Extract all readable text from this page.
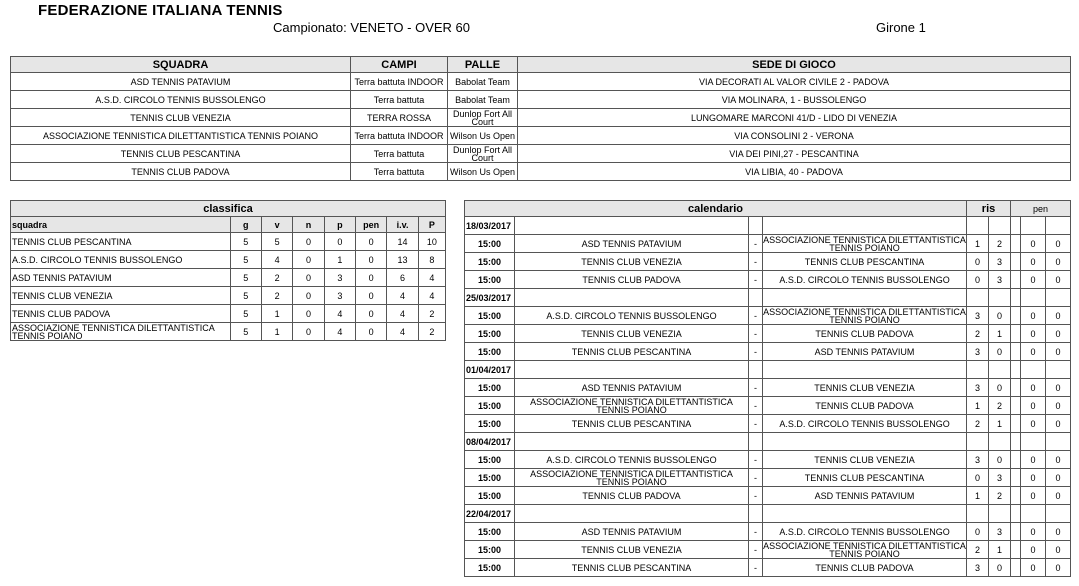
FEDERAZIONE ITALIANA TENNIS
Campionato: VENETO - OVER 60	Girone 1
SQUADRA	CAMPI	PALLE	SEDE DI GIOCO
ASD TENNIS PATAVIUM	Terra battuta INDOOR	Babolat Team	VIA DECORATI AL VALOR CIVILE 2 - PADOVA
A.S.D. CIRCOLO TENNIS BUSSOLENGO	Terra battuta	Babolat Team	VIA MOLINARA, 1 - BUSSOLENGO
TENNIS CLUB VENEZIA	TERRA ROSSA	Dunlop Fort All Court	LUNGOMARE MARCONI 41/D - LIDO DI VENEZIA
ASSOCIAZIONE TENNISTICA DILETTANTISTICA TENNIS POIANO	Terra battuta INDOOR	Wilson Us Open	VIA CONSOLINI 2 - VERONA
TENNIS CLUB PESCANTINA	Terra battuta	Dunlop Fort All Court	VIA DEI PINI,27 - PESCANTINA
TENNIS CLUB PADOVA	Terra battuta	Wilson Us Open	VIA LIBIA, 40 - PADOVA
classifica							
squadra	g	v	n	p	pen	i.v.	P
TENNIS CLUB PESCANTINA	5	5	0	0	0	14	10
A.S.D. CIRCOLO TENNIS BUSSOLENGO	5	4	0	1	0	13	8
ASD TENNIS PATAVIUM	5	2	0	3	0	6	4
TENNIS CLUB VENEZIA	5	2	0	3	0	4	4
TENNIS CLUB PADOVA	5	1	0	4	0	4	2
ASSOCIAZIONE TENNISTICA DILETTANTISTICA TENNIS POIANO	5	1	0	4	0	4	2
calendario				ris		pen		
18/03/2017								
15:00	ASD TENNIS PATAVIUM	-	ASSOCIAZIONE TENNISTICA DILETTANTISTICA TENNIS POIANO	1	2		0	0
15:00	TENNIS CLUB VENEZIA	-	TENNIS CLUB PESCANTINA	0	3		0	0
15:00	TENNIS CLUB PADOVA	-	A.S.D. CIRCOLO TENNIS BUSSOLENGO	0	3		0	0
25/03/2017								
15:00	A.S.D. CIRCOLO TENNIS BUSSOLENGO	-	ASSOCIAZIONE TENNISTICA DILETTANTISTICA TENNIS POIANO	3	0		0	0
15:00	TENNIS CLUB VENEZIA	-	TENNIS CLUB PADOVA	2	1		0	0
15:00	TENNIS CLUB PESCANTINA	-	ASD TENNIS PATAVIUM	3	0		0	0
01/04/2017								
15:00	ASD TENNIS PATAVIUM	-	TENNIS CLUB VENEZIA	3	0		0	0
15:00	ASSOCIAZIONE TENNISTICA DILETTANTISTICA TENNIS POIANO	-	TENNIS CLUB PADOVA	1	2		0	0
15:00	TENNIS CLUB PESCANTINA	-	A.S.D. CIRCOLO TENNIS BUSSOLENGO	2	1		0	0
08/04/2017								
15:00	A.S.D. CIRCOLO TENNIS BUSSOLENGO	-	TENNIS CLUB VENEZIA	3	0		0	0
15:00	ASSOCIAZIONE TENNISTICA DILETTANTISTICA TENNIS POIANO	-	TENNIS CLUB PESCANTINA	0	3		0	0
15:00	TENNIS CLUB PADOVA	-	ASD TENNIS PATAVIUM	1	2		0	0
22/04/2017								
15:00	ASD TENNIS PATAVIUM	-	A.S.D. CIRCOLO TENNIS BUSSOLENGO	0	3		0	0
15:00	TENNIS CLUB VENEZIA	-	ASSOCIAZIONE TENNISTICA DILETTANTISTICA TENNIS POIANO	2	1		0	0
15:00	TENNIS CLUB PESCANTINA	-	TENNIS CLUB PADOVA	3	0		0	0
